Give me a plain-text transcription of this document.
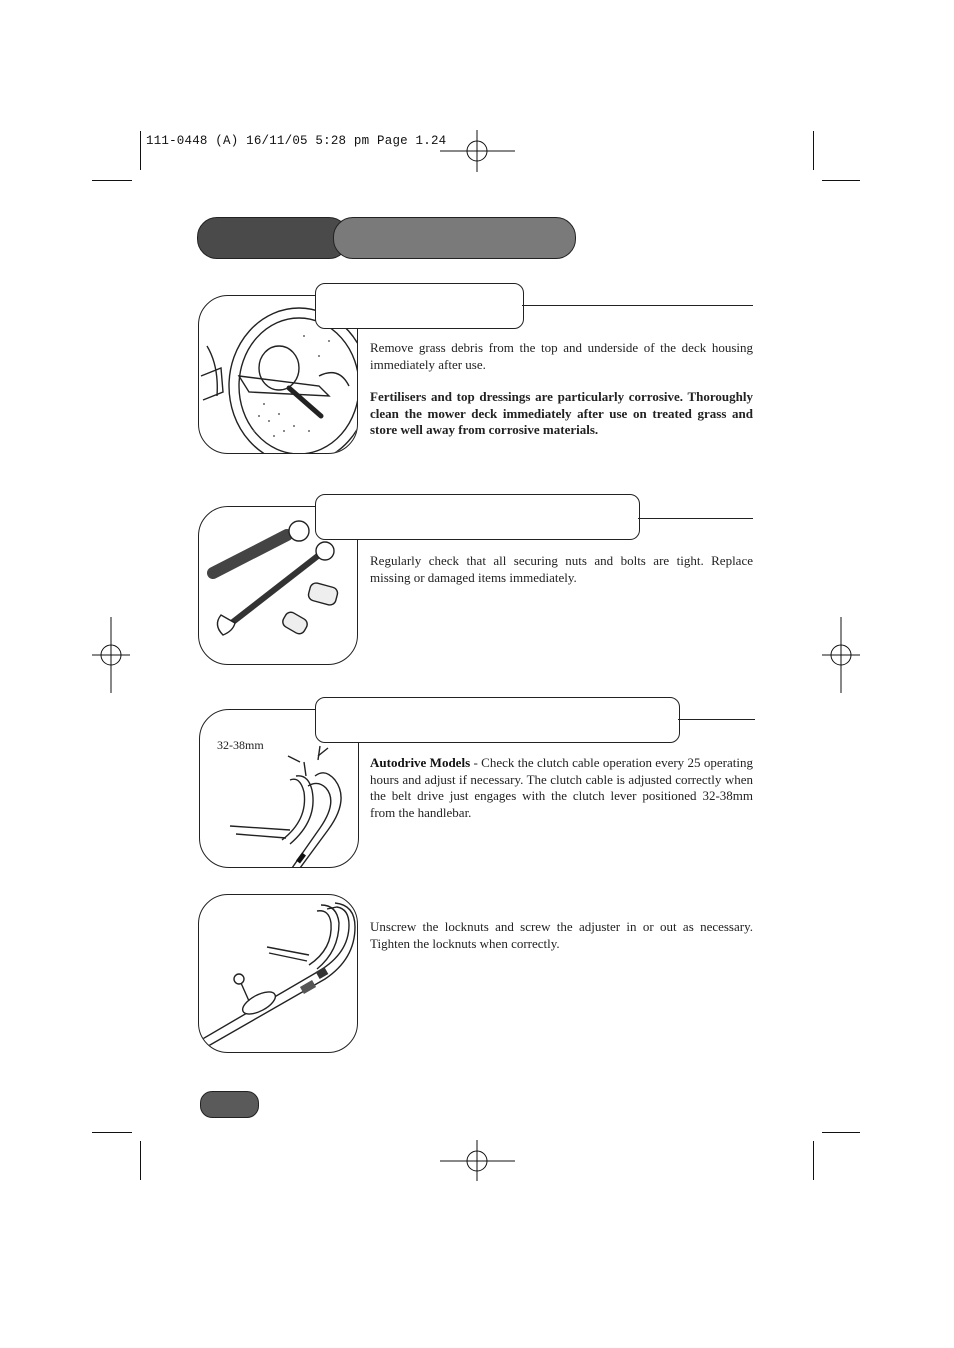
111-0448 (A) 16/11/05 5:28 pm Page 1.24
Remove grass debris from the top and underside of the deck housing immediately after use.
Fertilisers and top dressings are particularly corrosive. Thoroughly clean the mower deck immediately after use on treated grass and store well away from corrosive materials.
Regularly check that all securing nuts and bolts are tight. Replace missing or damaged items immediately.
32-38mm
Autodrive Models - Check the clutch cable operation every 25 operating hours and adjust if necessary. The clutch cable is adjusted correctly when the belt drive just engages with the clutch lever positioned 32-38mm from the handlebar.
Unscrew the locknuts and screw the adjuster in or out as necessary. Tighten the locknuts when correctly.
